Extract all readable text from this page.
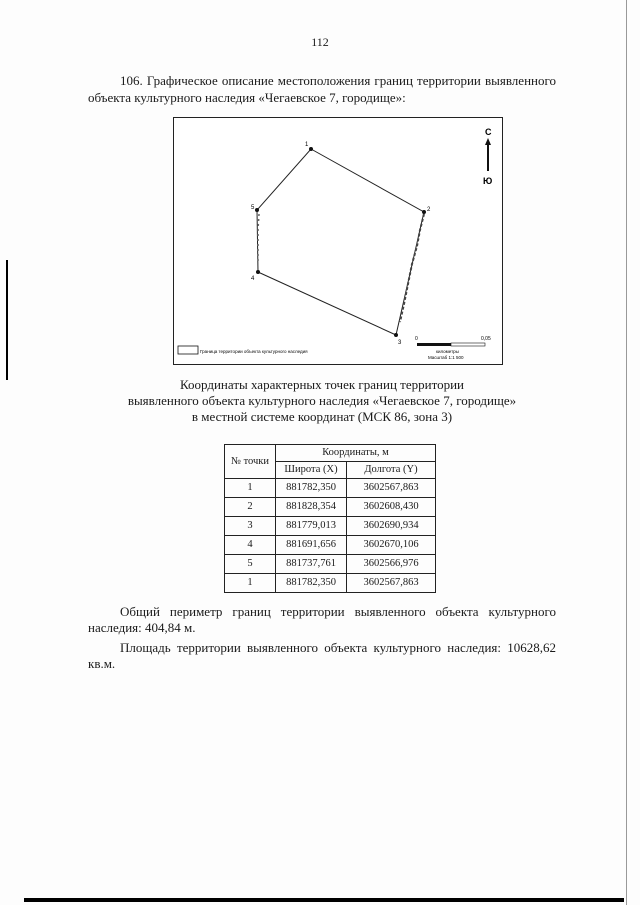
112
106. Графическое описание местоположения границ территории выявленного объекта культурного наследия «Чегаевское 7, городище»:
1
2
3
4
5
С
Ю
0	0,05
километры
Масштаб 1:1 500
Граница территории объекта культурного наследия
Координаты характерных точек границ территории
выявленного объекта культурного наследия «Чегаевское 7, городище»
в местной системе координат (МСК 86, зона 3)
№ точки	Координаты, м	
	Широта (X)	Долгота (Y)
1	881782,350	3602567,863
2	881828,354	3602608,430
3	881779,013	3602690,934
4	881691,656	3602670,106
5	881737,761	3602566,976
1	881782,350	3602567,863
Общий периметр границ территории выявленного объекта культурного наследия: 404,84 м.
Площадь территории выявленного объекта культурного наследия: 10628,62 кв.м.
